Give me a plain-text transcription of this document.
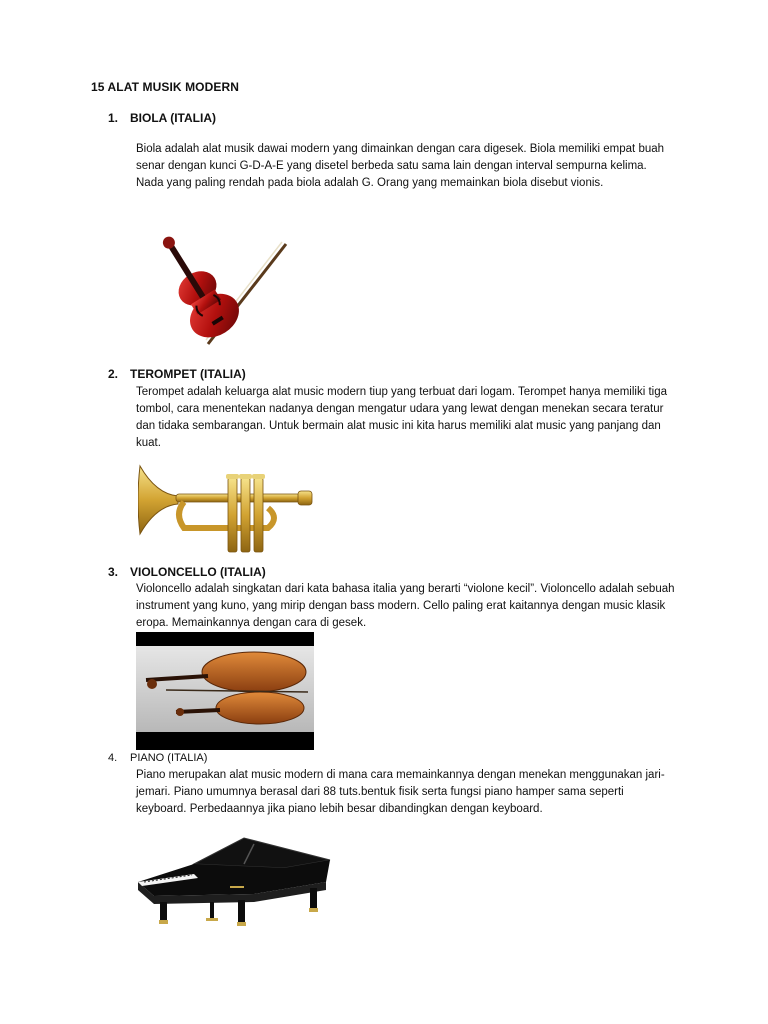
15 ALAT MUSIK MODERN
1. BIOLA (ITALIA)

Biola adalah alat musik dawai modern yang dimainkan dengan cara digesek. Biola memiliki empat buah senar dengan kunci G-D-A-E yang disetel berbeda satu sama lain dengan interval sempurna kelima. Nada yang paling rendah pada biola adalah G. Orang yang memainkan biola disebut vionis.

2. TEROMPET (ITALIA)

Terompet adalah keluarga alat music modern tiup yang terbuat dari logam. Terompet hanya memiliki tiga tombol, cara menentekan nadanya dengan mengatur udara yang lewat dengan menekan secara teratur dan tidaka sembarangan. Untuk bermain alat music ini kita harus memiliki alat music yang panjang dan kuat.

3. VIOLONCELLO (ITALIA)

Violoncello adalah singkatan dari kata bahasa italia yang berarti “violone kecil”. Violoncello adalah sebuah instrument yang kuno, yang mirip dengan bass modern. Cello paling erat kaitannya dengan music klasik eropa. Memainkannya dengan cara di gesek.

4. PIANO (ITALIA)

Piano merupakan alat music modern di mana cara memainkannya dengan menekan menggunakan jari-jemari. Piano umumnya berasal dari 88 tuts.bentuk fisik serta fungsi piano hamper sama seperti keyboard. Perbedaannya jika piano lebih besar dibandingkan dengan keyboard.
